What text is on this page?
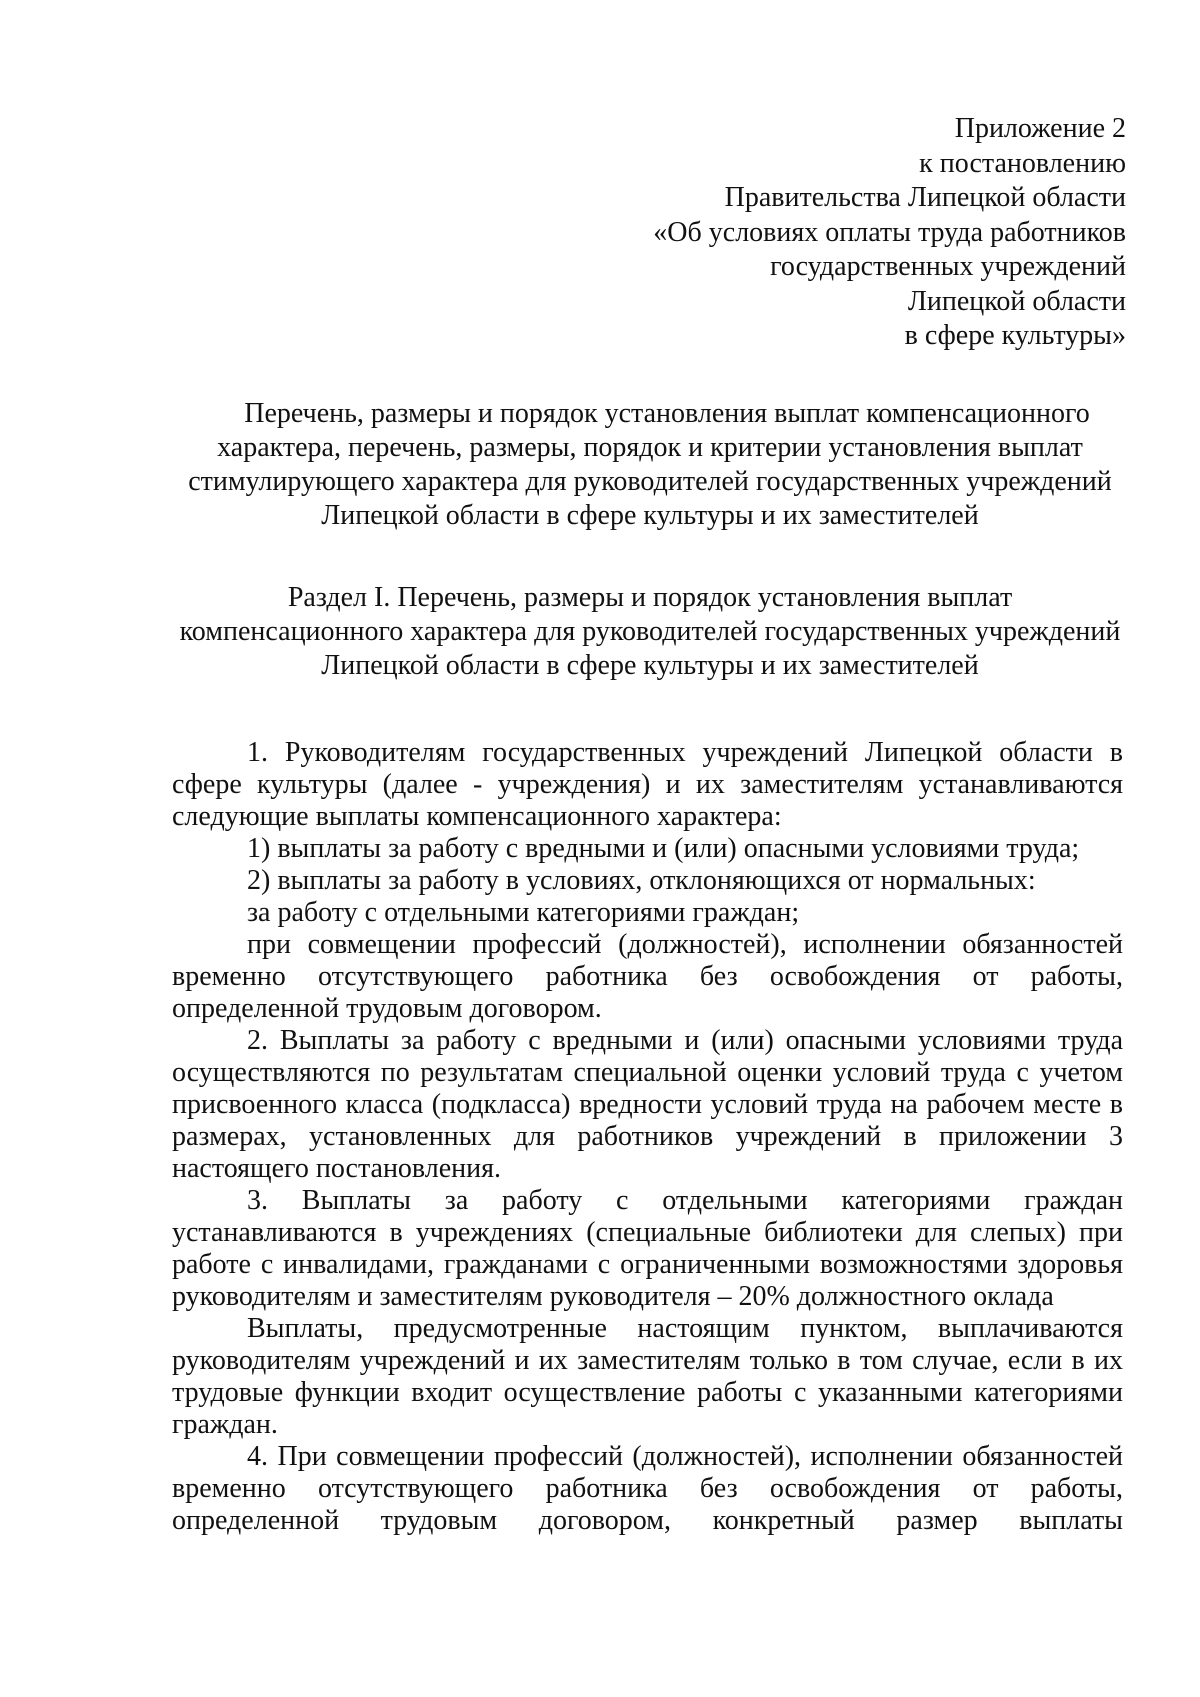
Приложение 2
к постановлению
Правительства Липецкой области
«Об условиях оплаты труда работников
государственных учреждений
Липецкой области
в сфере культуры»
Перечень, размеры и порядок установления выплат компенсационного
характера, перечень, размеры, порядок и критерии установления выплат
стимулирующего характера для руководителей государственных учреждений
Липецкой области в сфере культуры и их заместителей
Раздел I. Перечень, размеры и порядок установления выплат
компенсационного характера для руководителей государственных учреждений
Липецкой области в сфере культуры и их заместителей

1. Руководителям государственных учреждений Липецкой области в сфере культуры (далее - учреждения) и их заместителям устанавливаются следующие выплаты компенсационного характера:

1) выплаты за работу с вредными и (или) опасными условиями труда;

2) выплаты за работу в условиях, отклоняющихся от нормальных:

за работу с отдельными категориями граждан;

при совмещении профессий (должностей), исполнении обязанностей временно отсутствующего работника без освобождения от работы, определенной трудовым договором.

2. Выплаты за работу с вредными и (или) опасными условиями труда осуществляются по результатам специальной оценки условий труда с учетом присвоенного класса (подкласса) вредности условий труда на рабочем месте в размерах, установленных для работников учреждений в приложении 3 настоящего постановления.

3. Выплаты за работу с отдельными категориями граждан устанавливаются в учреждениях (специальные библиотеки для слепых) при работе с инвалидами, гражданами с ограниченными возможностями здоровья руководителям и заместителям руководителя – 20% должностного оклада

Выплаты, предусмотренные настоящим пунктом, выплачиваются руководителям учреждений и их заместителям только в том случае, если в их трудовые функции входит осуществление работы с указанными категориями граждан.

4. При совмещении профессий (должностей), исполнении обязанностей временно отсутствующего работника без освобождения от работы, определенной трудовым договором, конкретный размер выплаты
